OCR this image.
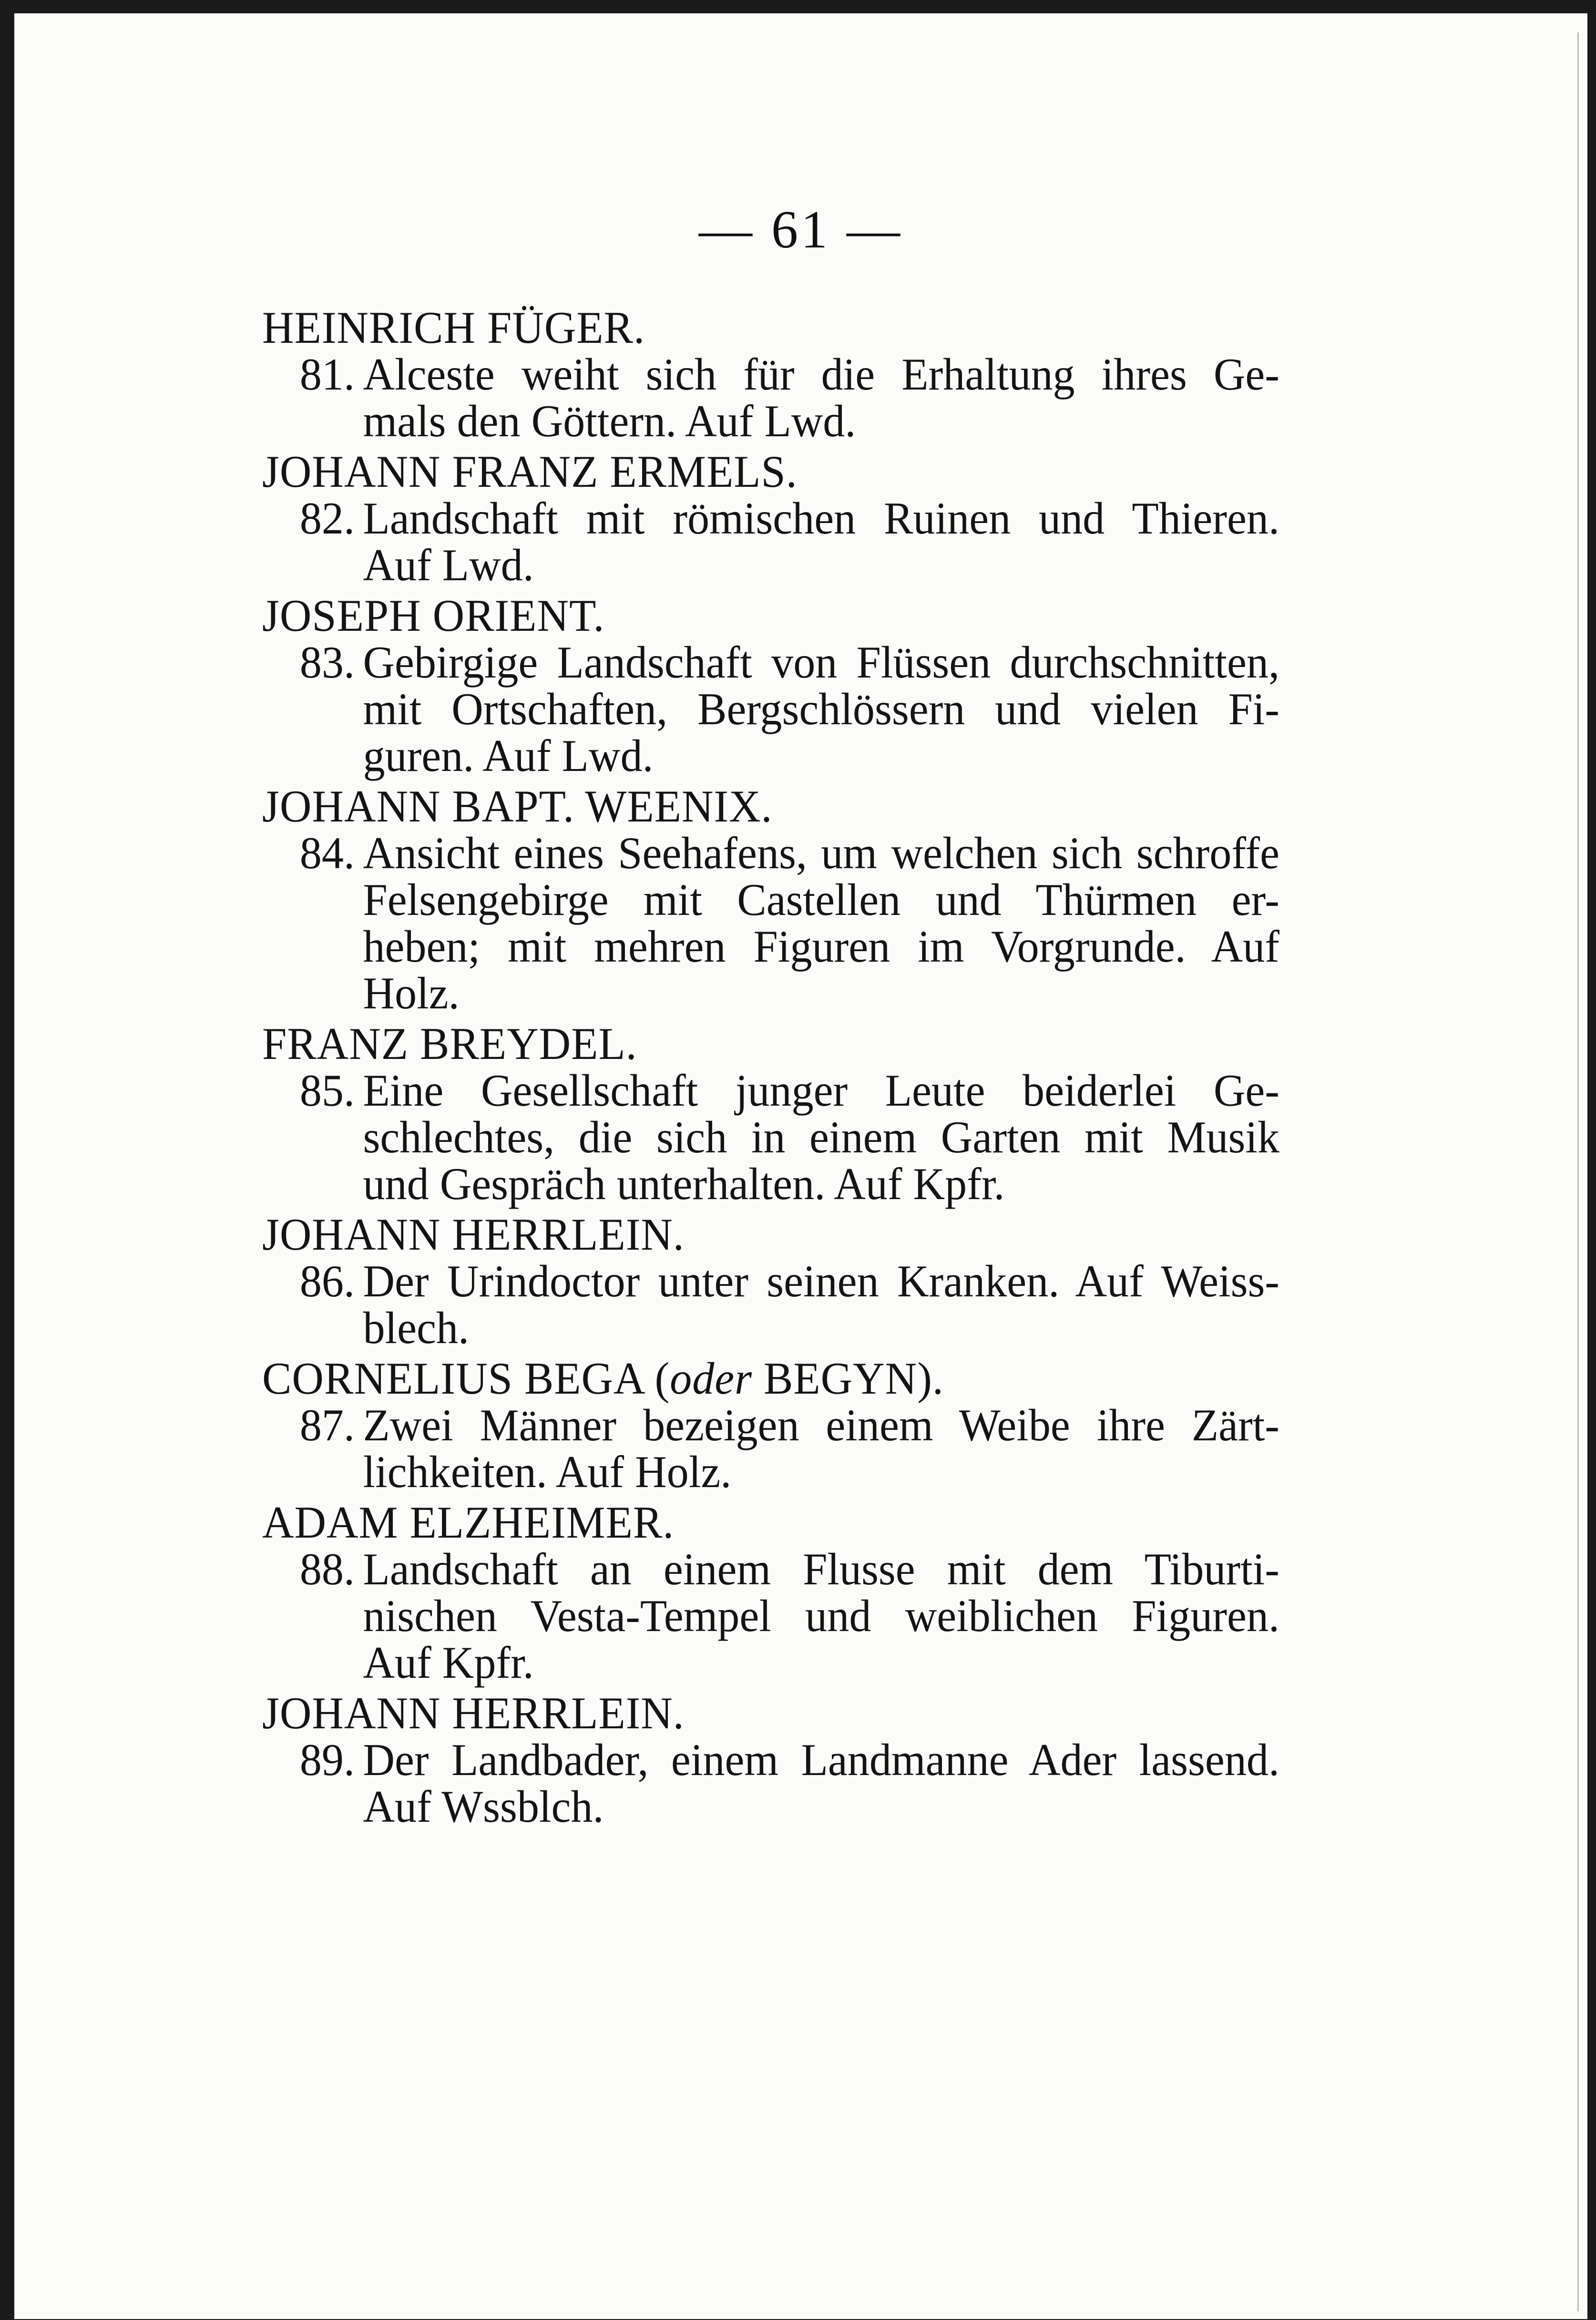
— 61 —
HEINRICH FÜGER.
81. Alceste weiht sich für die Erhaltung ihres Ge-
mals den Göttern. Auf Lwd.
JOHANN FRANZ ERMELS.
82. Landschaft mit römischen Ruinen und Thieren.
Auf Lwd.
JOSEPH ORIENT.
83. Gebirgige Landschaft von Flüssen durchschnitten,
mit Ortschaften, Bergschlössern und vielen Fi-
guren. Auf Lwd.
JOHANN BAPT. WEENIX.
84. Ansicht eines Seehafens, um welchen sich schroffe
Felsengebirge mit Castellen und Thürmen er-
heben; mit mehren Figuren im Vorgrunde. Auf
Holz.
FRANZ BREYDEL.
85. Eine Gesellschaft junger Leute beiderlei Ge-
schlechtes, die sich in einem Garten mit Musik
und Gespräch unterhalten. Auf Kpfr.
JOHANN HERRLEIN.
86. Der Urindoctor unter seinen Kranken. Auf Weiss-
blech.
CORNELIUS BEGA (oder BEGYN).
87. Zwei Männer bezeigen einem Weibe ihre Zärt-
lichkeiten. Auf Holz.
ADAM ELZHEIMER.
88. Landschaft an einem Flusse mit dem Tiburti-
nischen Vesta-Tempel und weiblichen Figuren.
Auf Kpfr.
JOHANN HERRLEIN.
89. Der Landbader, einem Landmanne Ader lassend.
Auf Wssblch.
